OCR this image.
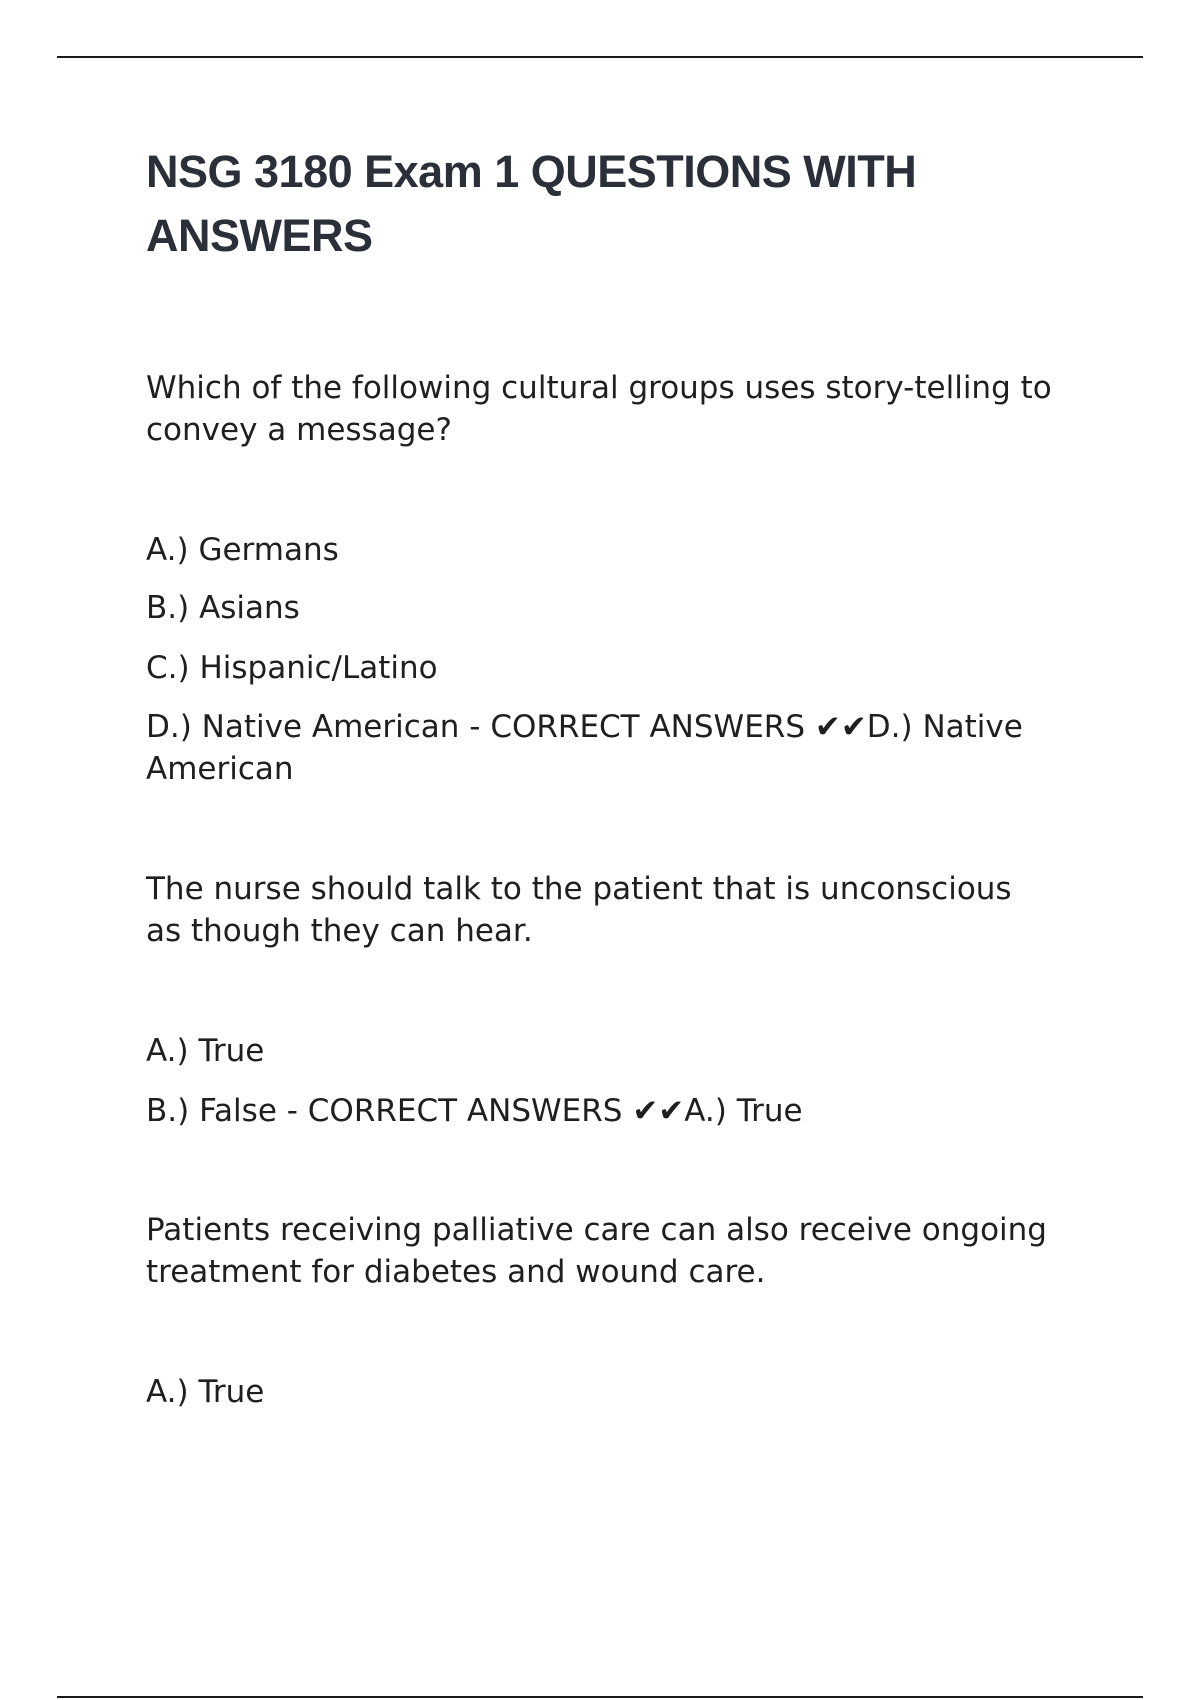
NSG 3180 Exam 1 QUESTIONS WITH ANSWERS
Which of the following cultural groups uses story-telling to
convey a message?
A.) Germans
B.) Asians
C.) Hispanic/Latino
D.) Native American - CORRECT ANSWERS ✔✔D.) Native American
The nurse should talk to the patient that is unconscious
as though they can hear.
A.) True
B.) False - CORRECT ANSWERS ✔✔A.) True
Patients receiving palliative care can also receive ongoing
treatment for diabetes and wound care.
A.) True
